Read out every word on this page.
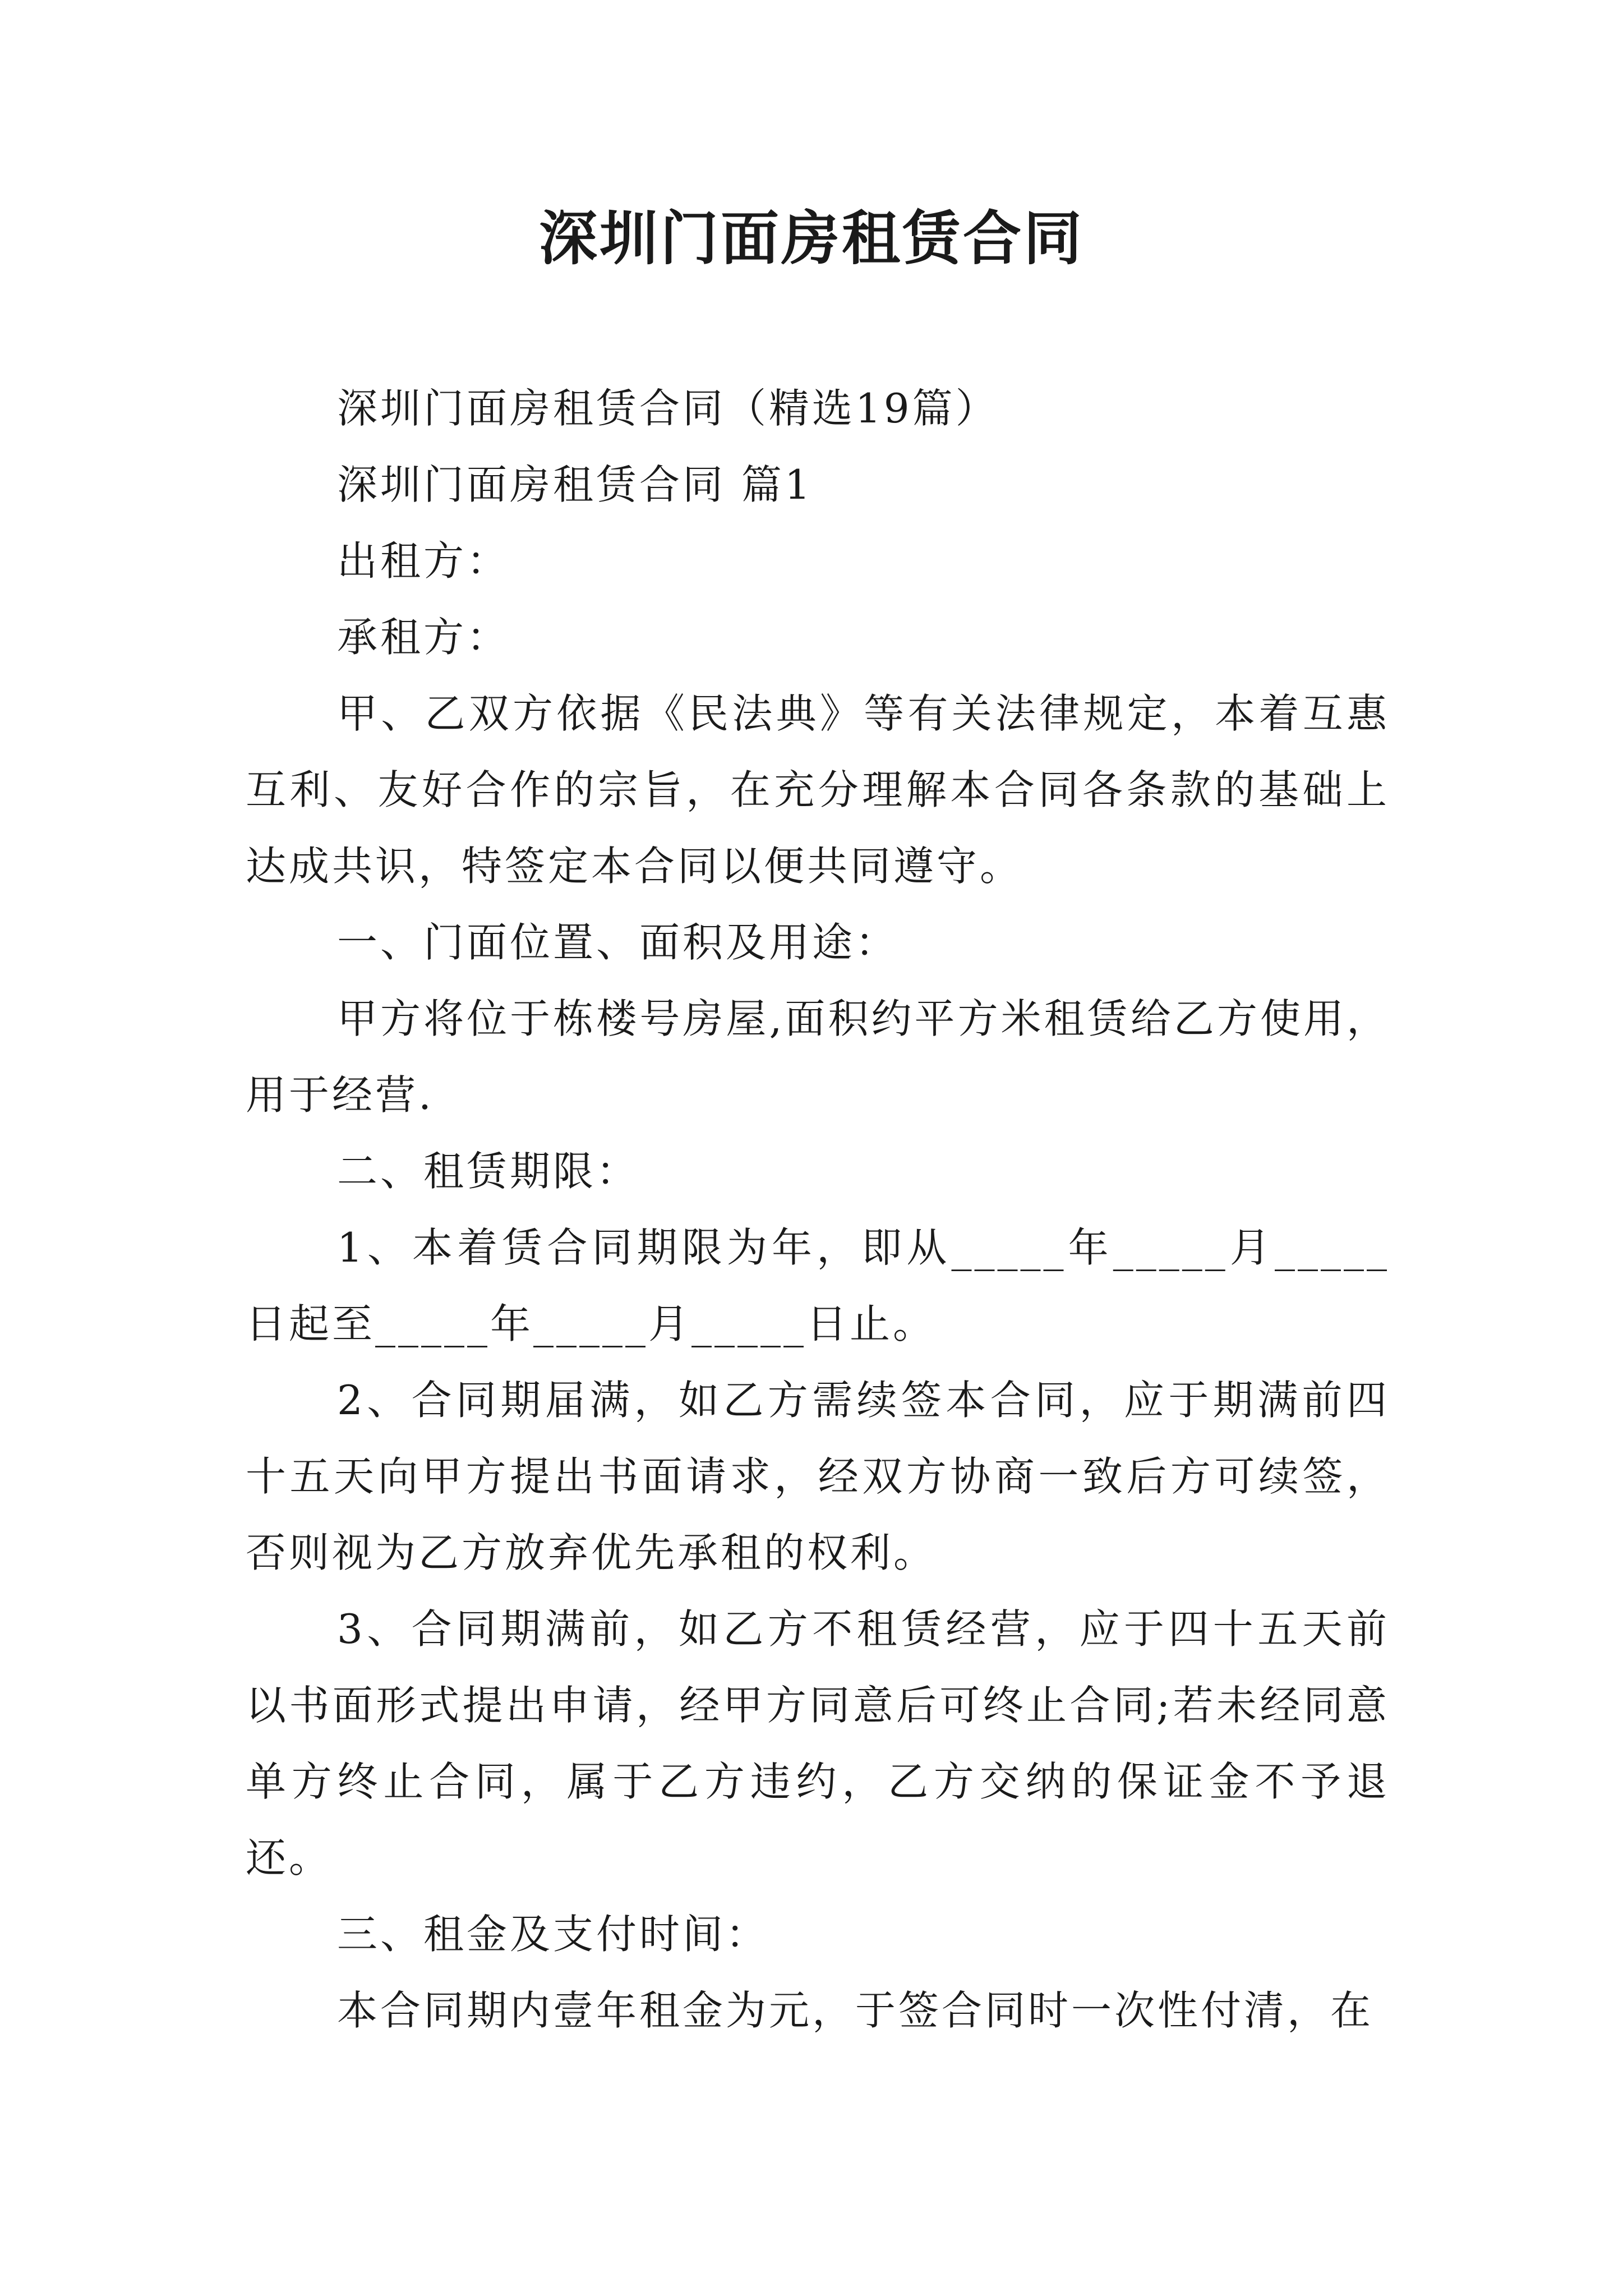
深圳门面房租赁合同

深圳门面房租赁合同（精选19篇）

深圳门面房租赁合同 篇1

出租方：

承租方：

甲、乙双方依据《民法典》等有关法律规定，本着互惠互利、友好合作的宗旨，在充分理解本合同各条款的基础上达成共识，特签定本合同以便共同遵守。

一、门面位置、面积及用途：

甲方将位于栋楼号房屋,面积约平方米租赁给乙方使用，用于经营.

二、租赁期限：

1、本着赁合同期限为年，即从_____年_____月_____日起至_____年_____月_____日止。

2、合同期届满，如乙方需续签本合同，应于期满前四十五天向甲方提出书面请求，经双方协商一致后方可续签，否则视为乙方放弃优先承租的权利。

3、合同期满前，如乙方不租赁经营，应于四十五天前以书面形式提出申请，经甲方同意后可终止合同;若未经同意单方终止合同，属于乙方违约，乙方交纳的保证金不予退还。

三、租金及支付时间：

本合同期内壹年租金为元，于签合同时一次性付清，在
